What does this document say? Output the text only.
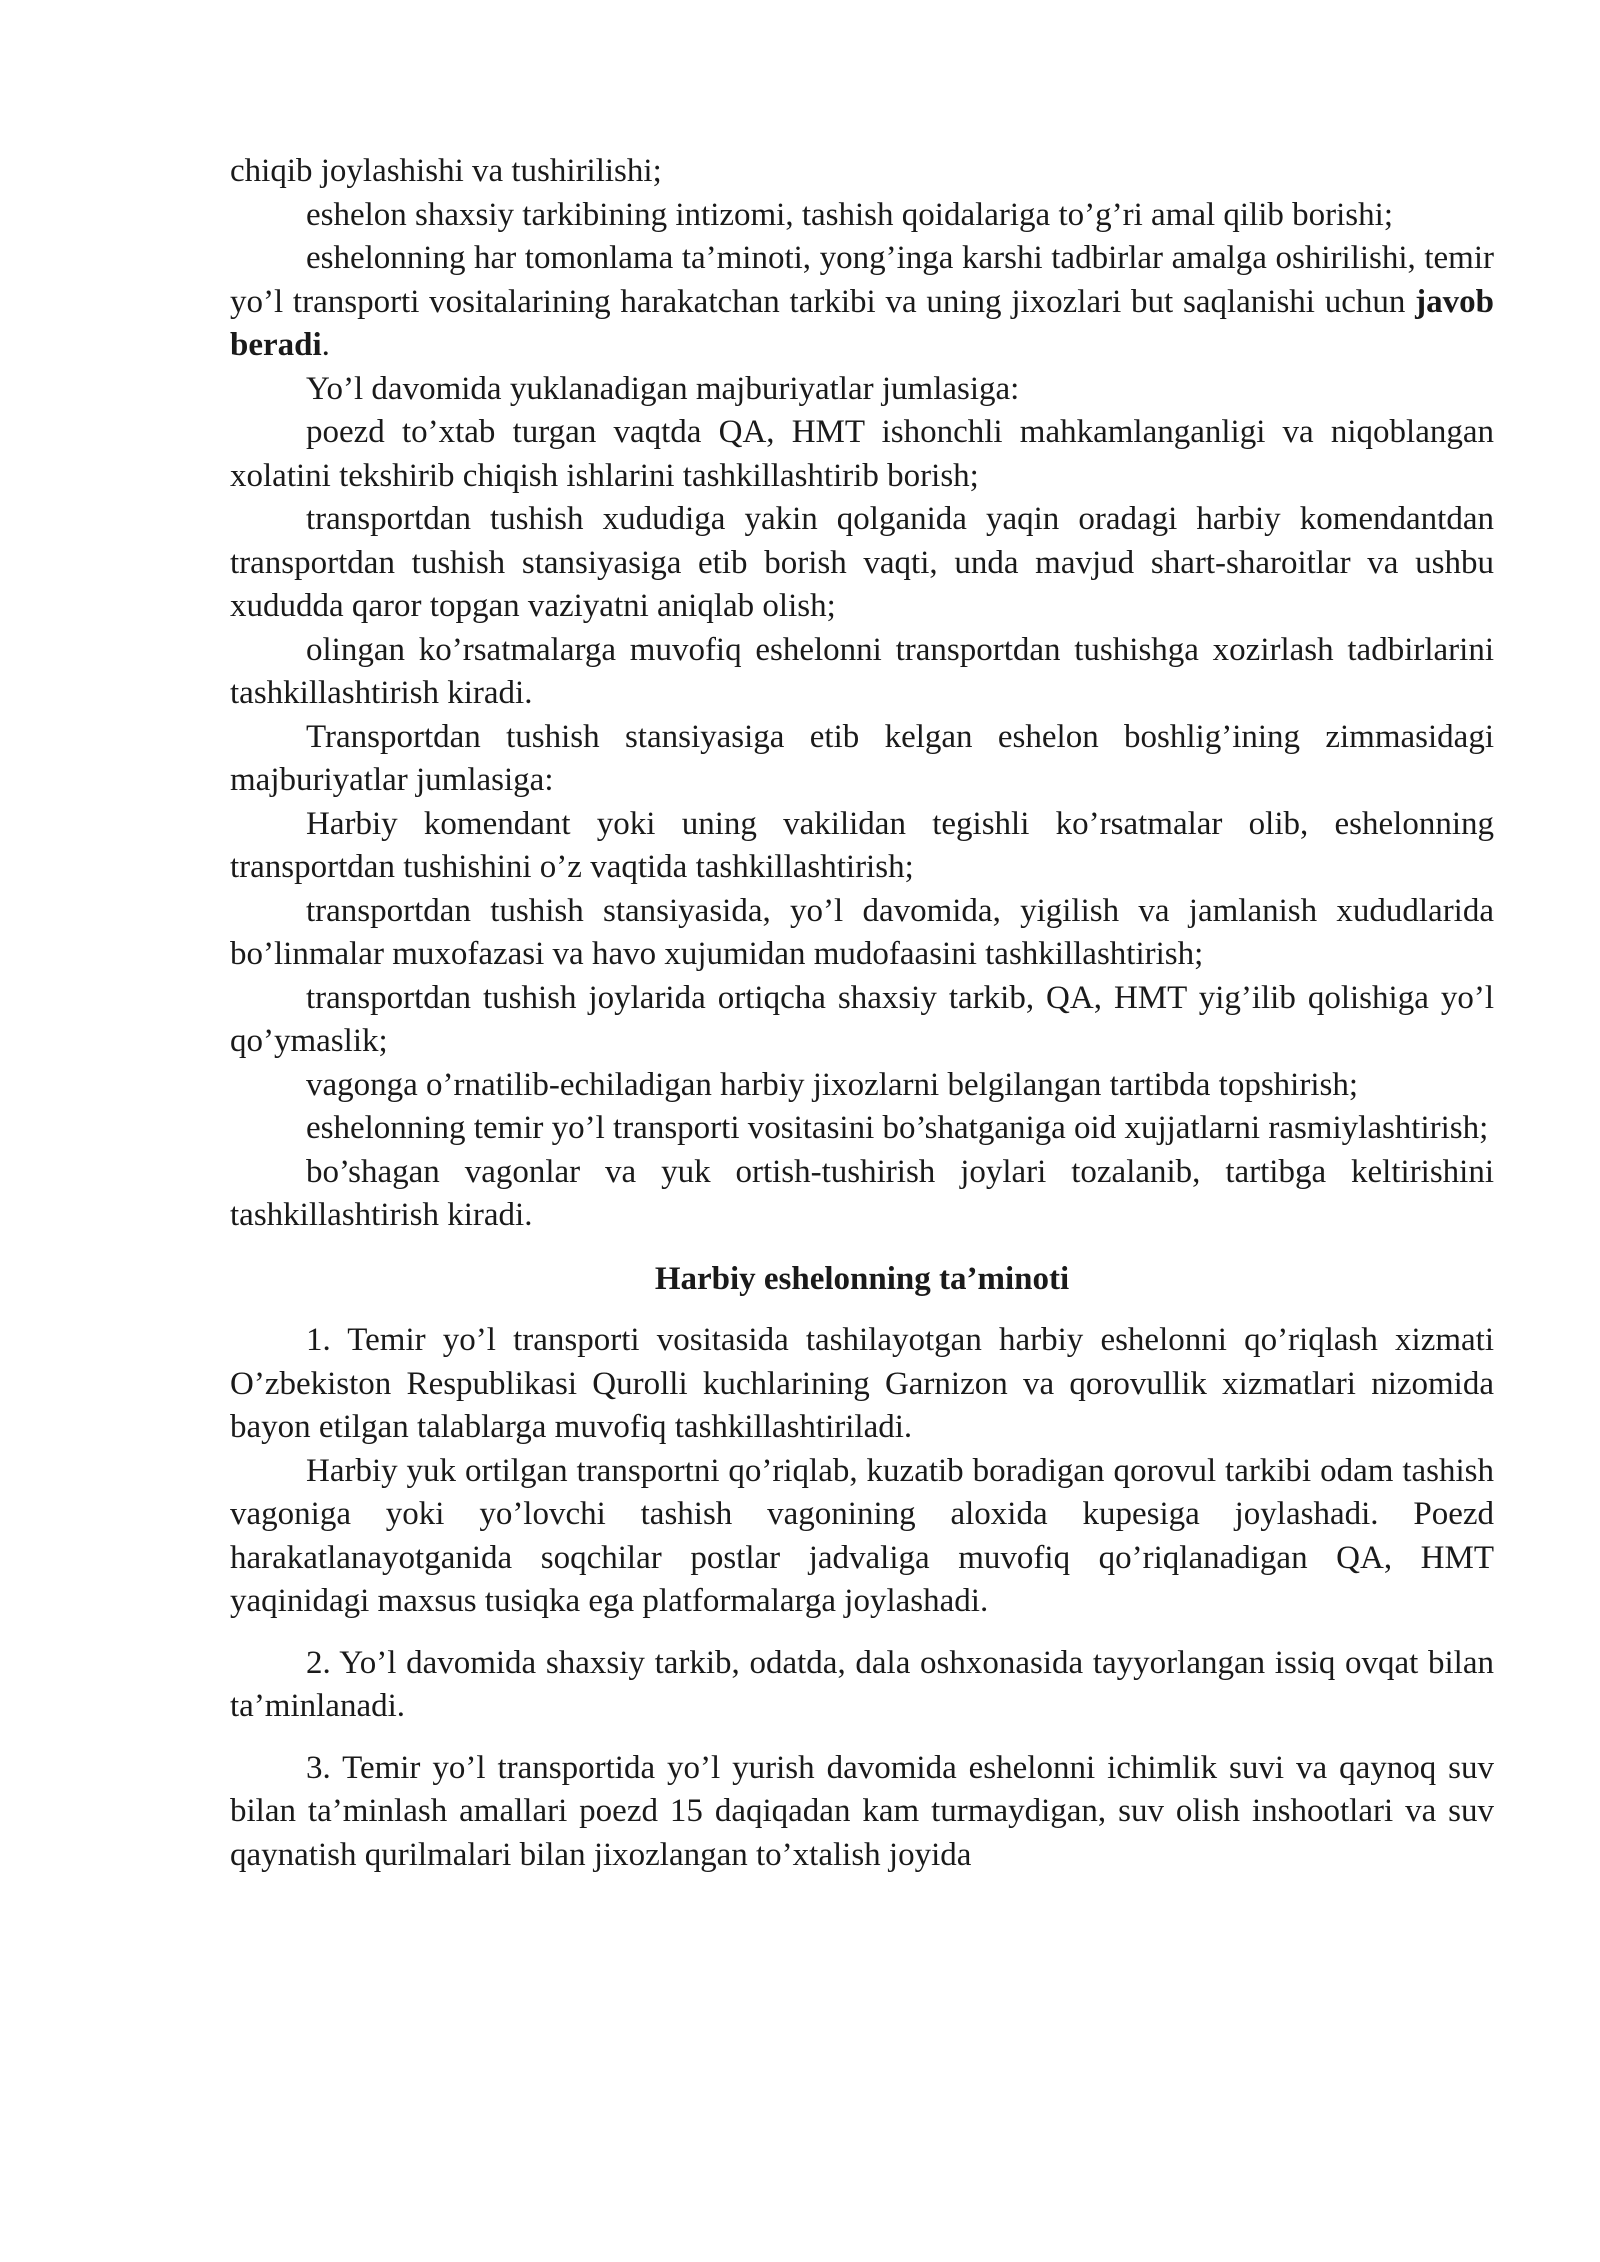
chiqib joylashishi va tushirilishi;

eshelon shaxsiy tarkibining intizomi, tashish qoidalariga to’g’ri amal qilib borishi;

eshelonning har tomonlama ta’minoti, yong’inga karshi tadbirlar amalga oshirilishi, temir yo’l transporti vositalarining harakatchan tarkibi va uning jixozlari but saqlanishi uchun javob beradi.

Yo’l davomida yuklanadigan majburiyatlar jumlasiga:

poezd to’xtab turgan vaqtda QA, HMT ishonchli mahkamlanganligi va niqoblangan xolatini tekshirib chiqish ishlarini tashkillashtirib borish;

transportdan tushish xududiga yakin qolganida yaqin oradagi harbiy komendantdan transportdan tushish stansiyasiga etib borish vaqti, unda mavjud shart-sharoitlar va ushbu xududda qaror topgan vaziyatni aniqlab olish;

olingan ko’rsatmalarga muvofiq eshelonni transportdan tushishga xozirlash tadbirlarini tashkillashtirish kiradi.

Transportdan tushish stansiyasiga etib kelgan eshelon boshlig’ining zimmasidagi majburiyatlar jumlasiga:

Harbiy komendant yoki uning vakilidan tegishli ko’rsatmalar olib, eshelonning transportdan tushishini o’z vaqtida tashkillashtirish;

transportdan tushish stansiyasida, yo’l davomida, yigilish va jamlanish xududlarida bo’linmalar muxofazasi va havo xujumidan mudofaasini tashkillashtirish;

transportdan tushish joylarida ortiqcha shaxsiy tarkib, QA, HMT yig’ilib qolishiga yo’l qo’ymaslik;

vagonga o’rnatilib-echiladigan harbiy jixozlarni belgilangan tartibda topshirish;

eshelonning temir yo’l transporti vositasini bo’shatganiga oid xujjatlarni rasmiylashtirish;

bo’shagan vagonlar va yuk ortish-tushirish joylari tozalanib, tartibga keltirishini tashkillashtirish kiradi.

Harbiy eshelonning ta’minoti

1. Temir yo’l transporti vositasida tashilayotgan harbiy eshelonni qo’riqlash xizmati O’zbekiston Respublikasi Qurolli kuchlarining Garnizon va qorovullik xizmatlari nizomida bayon etilgan talablarga muvofiq tashkillashtiriladi.

Harbiy yuk ortilgan transportni qo’riqlab, kuzatib boradigan qorovul tarkibi odam tashish vagoniga yoki yo’lovchi tashish vagonining aloxida kupesiga joylashadi. Poezd harakatlanayotganida soqchilar postlar jadvaliga muvofiq qo’riqlanadigan QA, HMT yaqinidagi maxsus tusiqka ega platformalarga joylashadi.

2. Yo’l davomida shaxsiy tarkib, odatda, dala oshxonasida tayyorlangan issiq ovqat bilan ta’minlanadi.

3. Temir yo’l transportida yo’l yurish davomida eshelonni ichimlik suvi va qaynoq suv bilan ta’minlash amallari poezd 15 daqiqadan kam turmaydigan, suv olish inshootlari va suv qaynatish qurilmalari bilan jixozlangan to’xtalish joyida
